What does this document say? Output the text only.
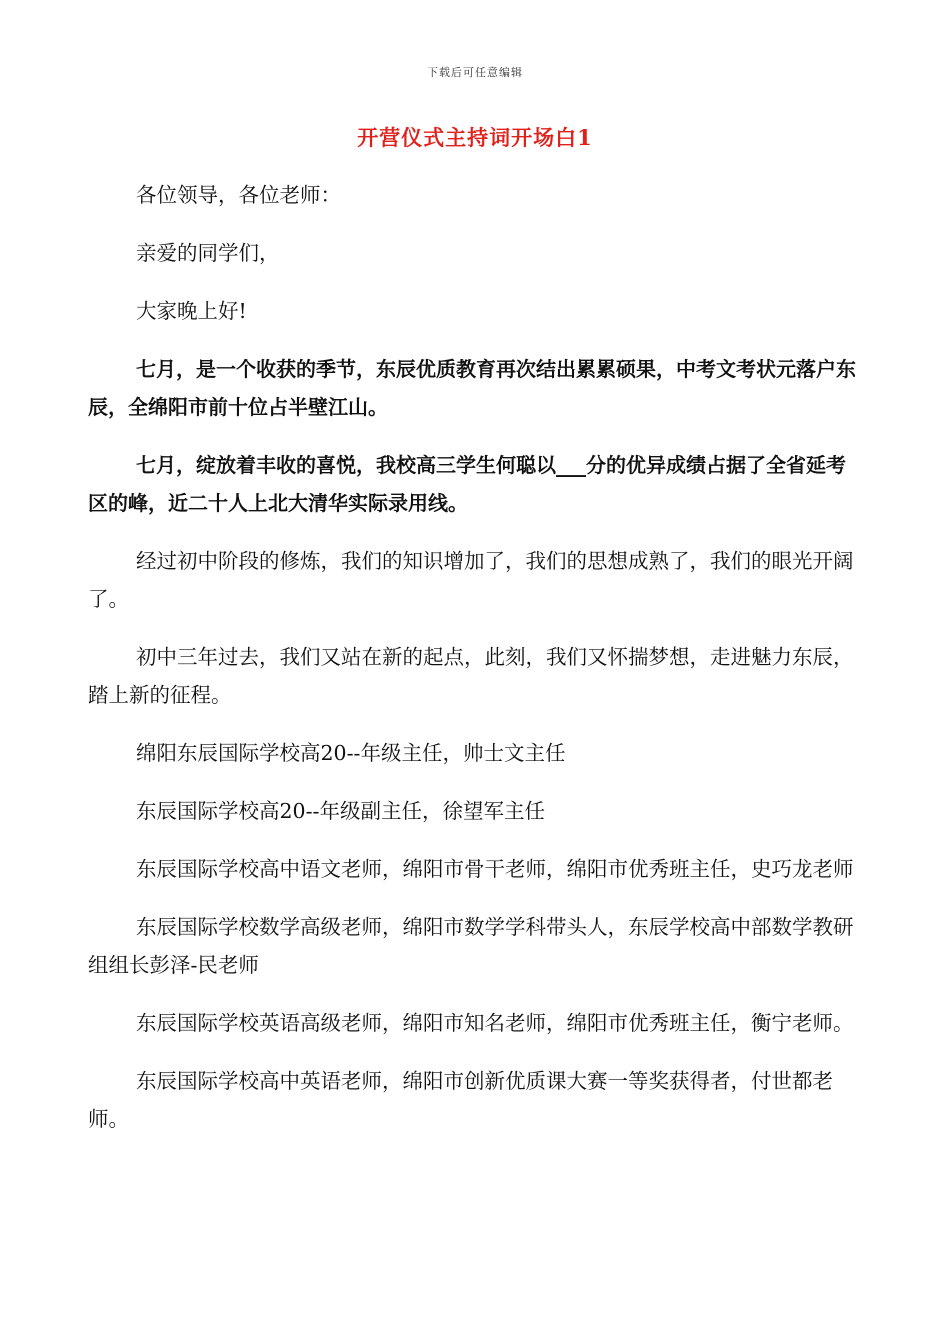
下载后可任意编辑
开营仪式主持词开场白1

各位领导，各位老师：

亲爱的同学们，

大家晚上好!

七月，是一个收获的季节，东辰优质教育再次结出累累硕果，中考文考状元落户东辰，全绵阳市前十位占半壁江山。

七月，绽放着丰收的喜悦，我校高三学生何聪以___分的优异成绩占据了全省延考区的峰，近二十人上北大清华实际录用线。

经过初中阶段的修炼，我们的知识增加了，我们的思想成熟了，我们的眼光开阔了。

初中三年过去，我们又站在新的起点，此刻，我们又怀揣梦想，走进魅力东辰，踏上新的征程。

绵阳东辰国际学校高20--年级主任，帅士文主任

东辰国际学校高20--年级副主任，徐望军主任

东辰国际学校高中语文老师，绵阳市骨干老师，绵阳市优秀班主任，史巧龙老师

东辰国际学校数学高级老师，绵阳市数学学科带头人，东辰学校高中部数学教研组组长彭泽-民老师

东辰国际学校英语高级老师，绵阳市知名老师，绵阳市优秀班主任，衡宁老师。

东辰国际学校高中英语老师，绵阳市创新优质课大赛一等奖获得者，付世都老师。
